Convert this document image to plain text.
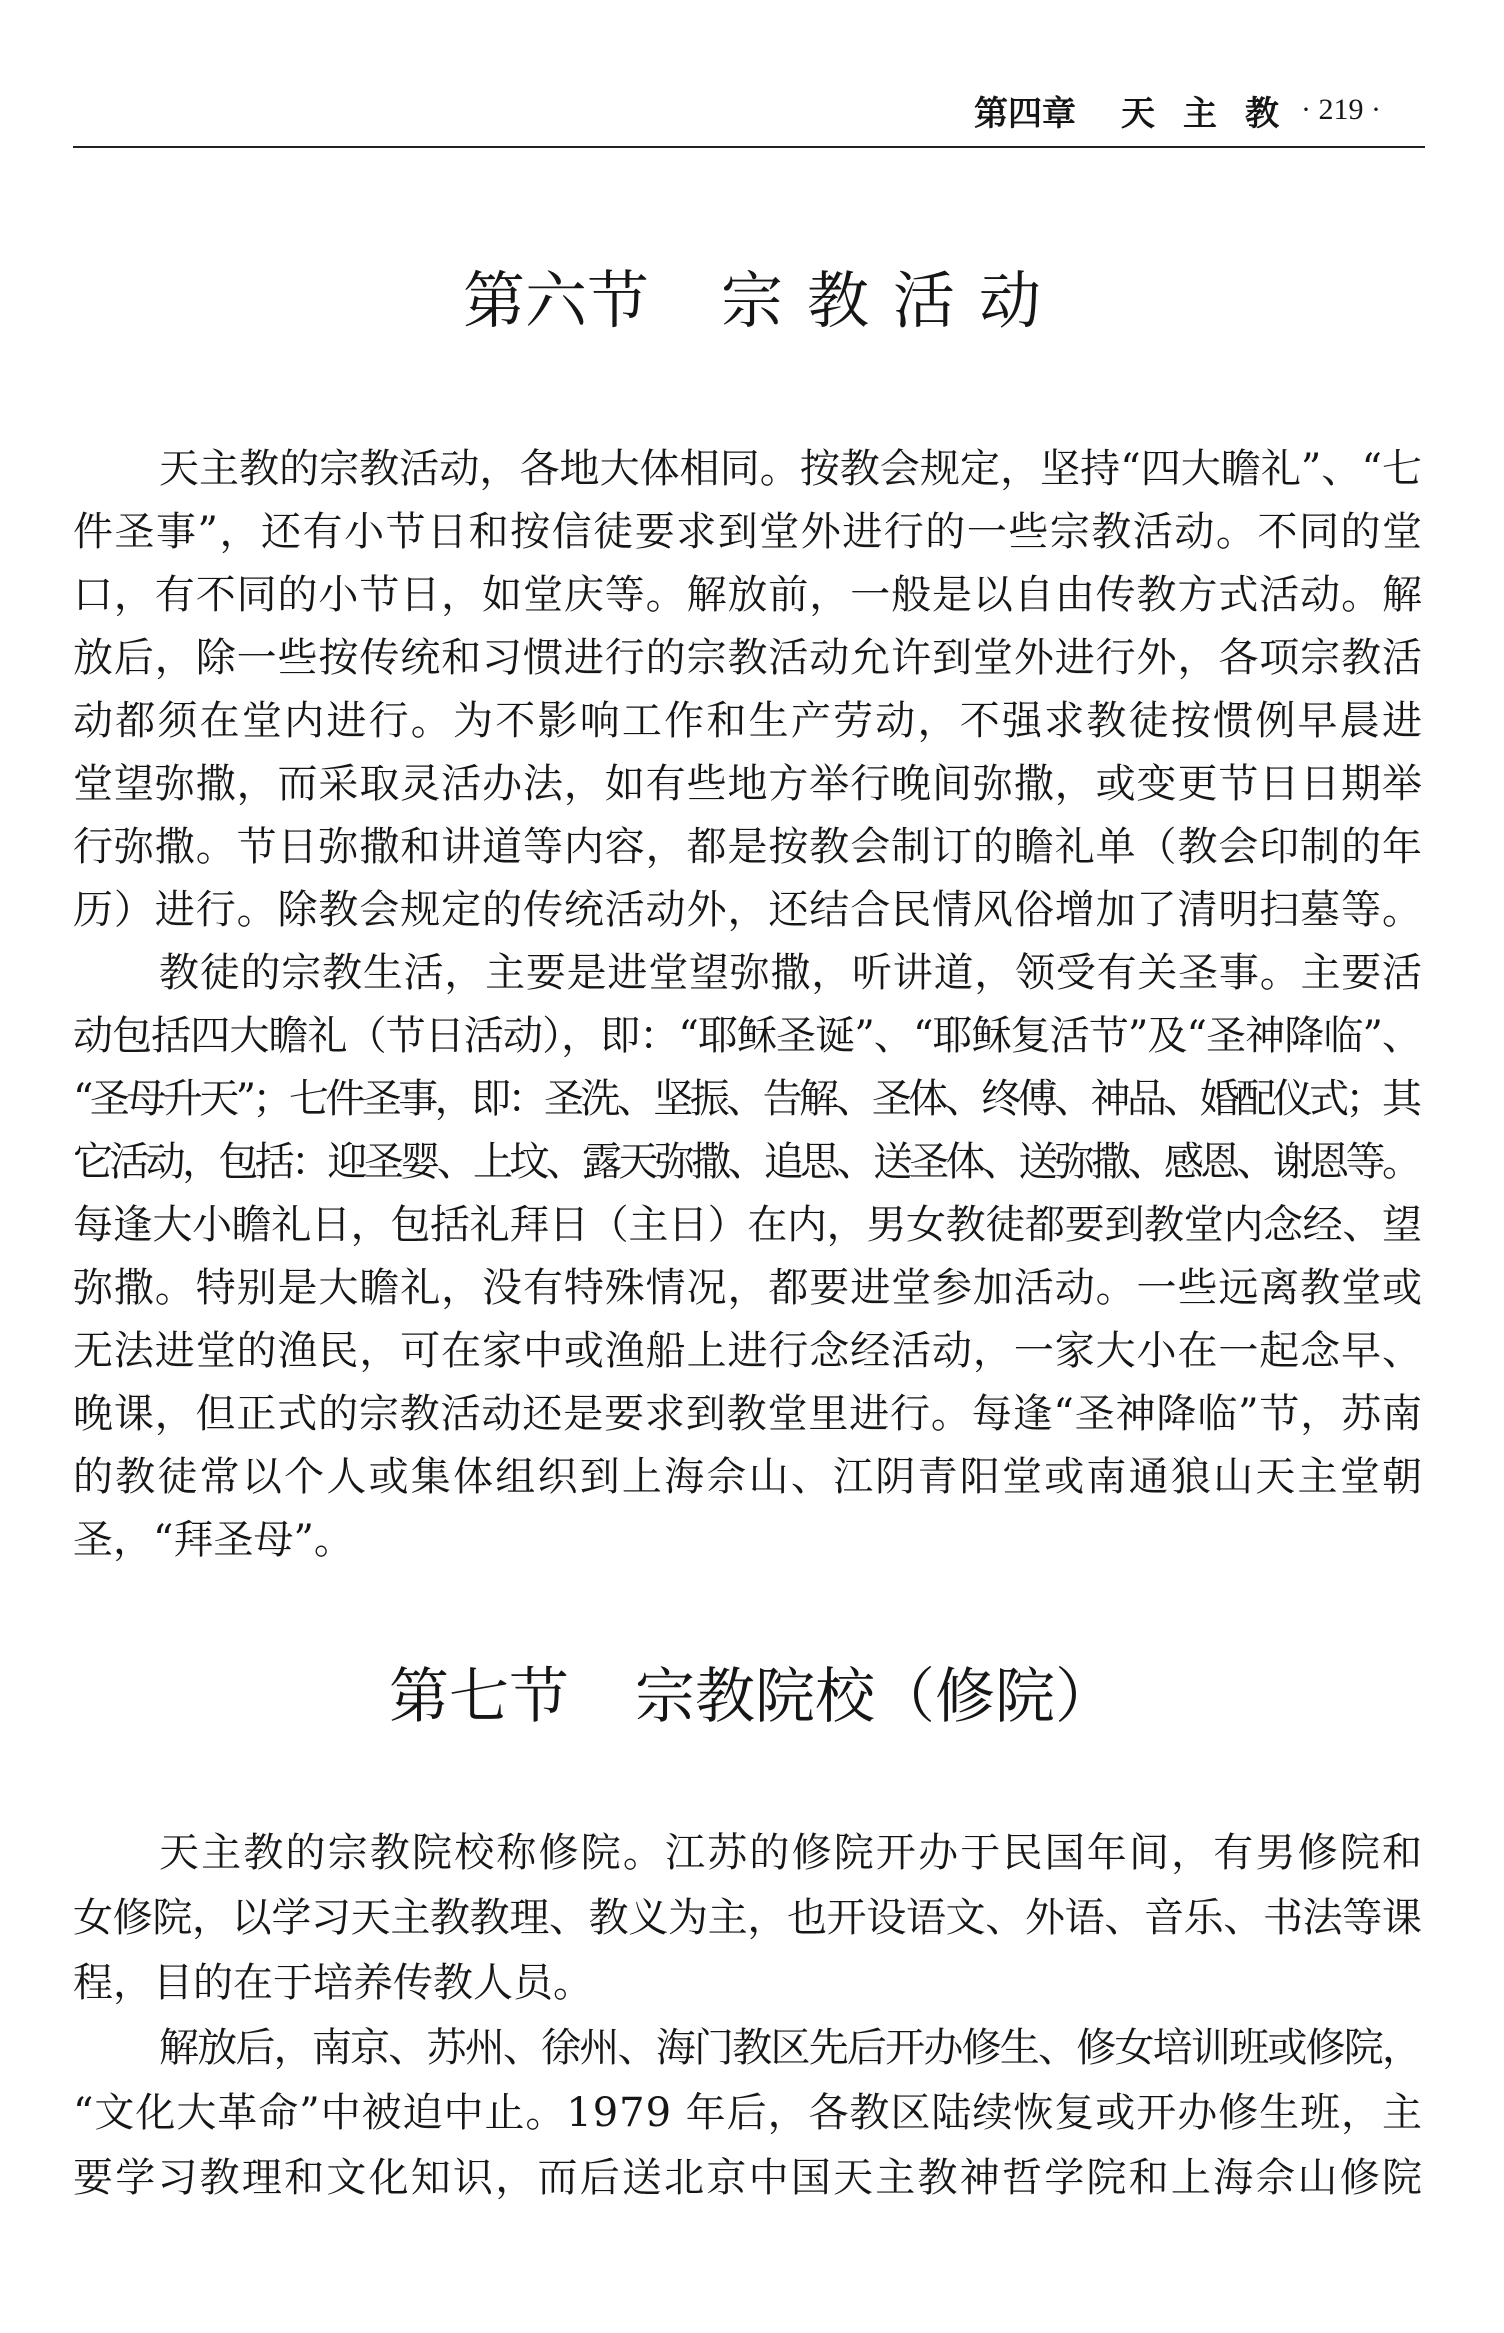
第四章 天主教
· 219 ·
第六节 宗教活动
天主教的宗教活动，各地大体相同。按教会规定，坚持“四大瞻礼”、“七
件圣事”，还有小节日和按信徒要求到堂外进行的一些宗教活动。不同的堂
口，有不同的小节日，如堂庆等。解放前，一般是以自由传教方式活动。解
放后，除一些按传统和习惯进行的宗教活动允许到堂外进行外，各项宗教活
动都须在堂内进行。为不影响工作和生产劳动，不强求教徒按惯例早晨进
堂望弥撒，而采取灵活办法，如有些地方举行晚间弥撒，或变更节日日期举
行弥撒。节日弥撒和讲道等内容，都是按教会制订的瞻礼单（教会印制的年
历）进行。除教会规定的传统活动外，还结合民情风俗增加了清明扫墓等。
教徒的宗教生活，主要是进堂望弥撒，听讲道，领受有关圣事。主要活
动包括四大瞻礼（节日活动），即：“耶稣圣诞”、“耶稣复活节”及“圣神降临”、
“圣母升天”；七件圣事，即：圣洗、坚振、告解、圣体、终傅、神品、婚配仪式；其
它活动，包括：迎圣婴、上坟、露天弥撒、追思、送圣体、送弥撒、感恩、谢恩等。
每逢大小瞻礼日，包括礼拜日（主日）在内，男女教徒都要到教堂内念经、望
弥撒。特别是大瞻礼，没有特殊情况，都要进堂参加活动。一些远离教堂或
无法进堂的渔民，可在家中或渔船上进行念经活动，一家大小在一起念早、
晚课，但正式的宗教活动还是要求到教堂里进行。每逢“圣神降临”节，苏南
的教徒常以个人或集体组织到上海佘山、江阴青阳堂或南通狼山天主堂朝
圣，“拜圣母”。
第七节 宗教院校（修院）
天主教的宗教院校称修院。江苏的修院开办于民国年间，有男修院和
女修院，以学习天主教教理、教义为主，也开设语文、外语、音乐、书法等课
程，目的在于培养传教人员。
解放后，南京、苏州、徐州、海门教区先后开办修生、修女培训班或修院，
“文化大革命”中被迫中止。1979 年后，各教区陆续恢复或开办修生班，主
要学习教理和文化知识，而后送北京中国天主教神哲学院和上海佘山修院
